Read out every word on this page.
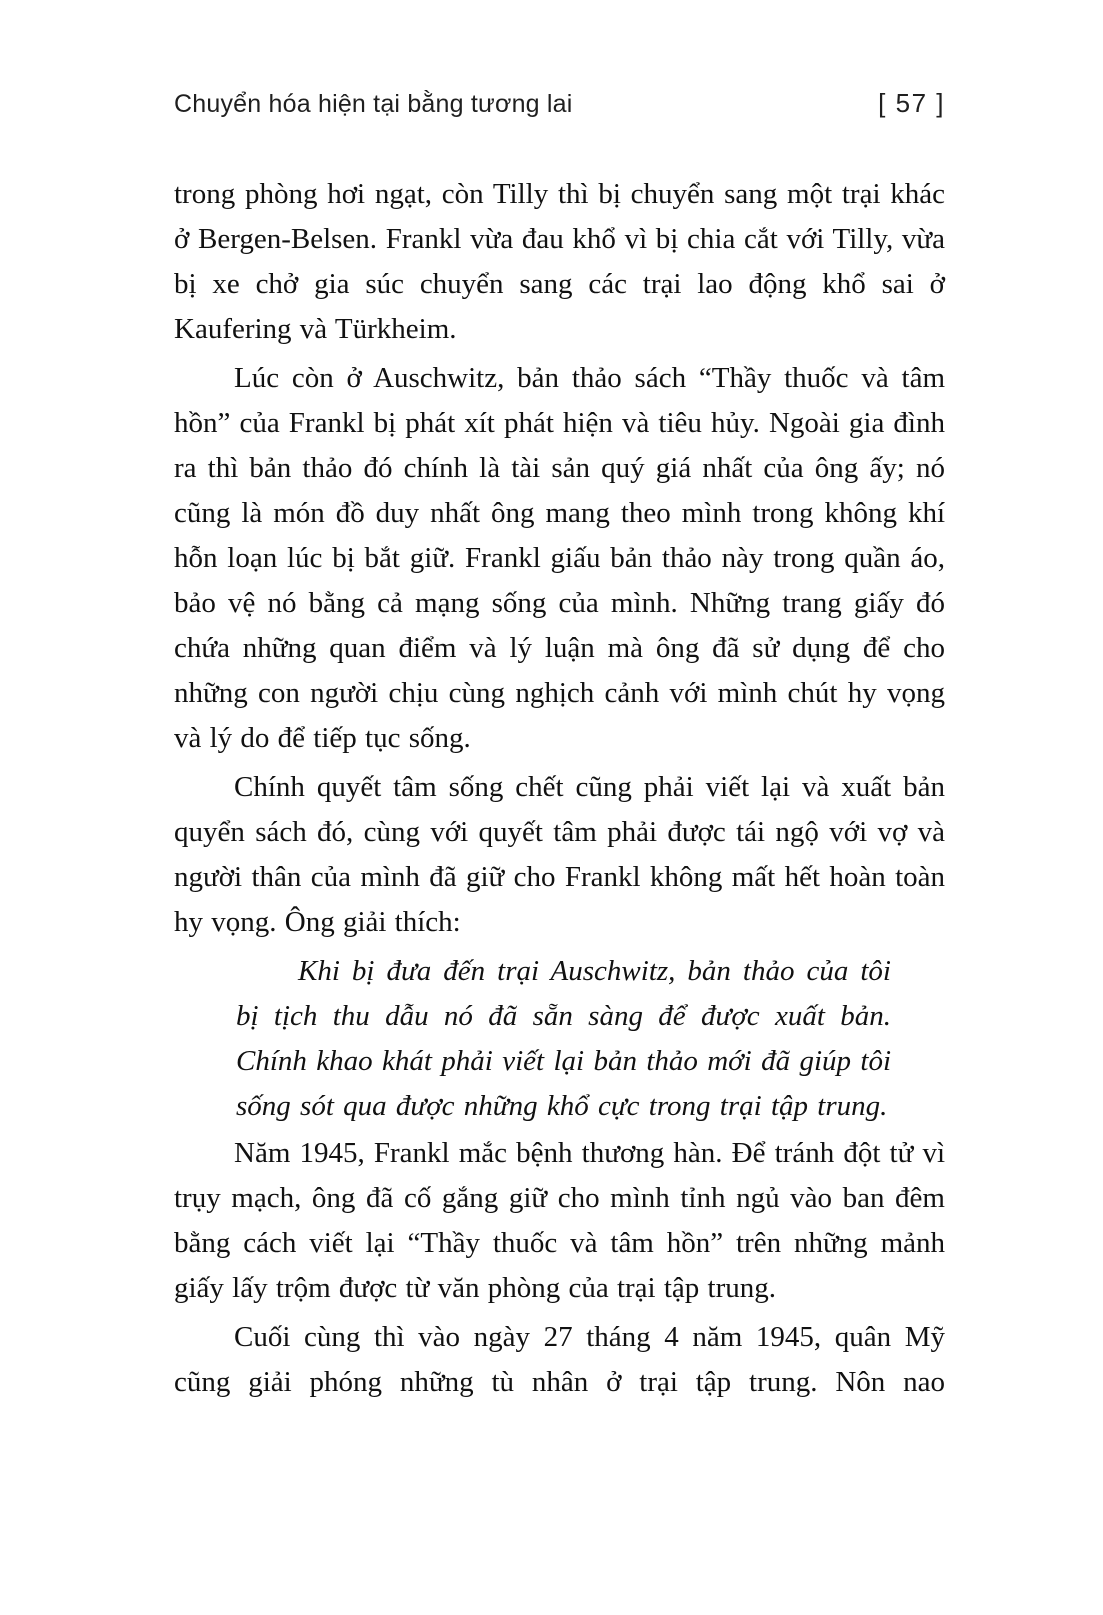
Chuyển hóa hiện tại bằng tương lai	[ 57 ]
trong phòng hơi ngạt, còn Tilly thì bị chuyển sang một trại khác ở Bergen-Belsen. Frankl vừa đau khổ vì bị chia cắt với Tilly, vừa bị xe chở gia súc chuyển sang các trại lao động khổ sai ở Kaufering và Türkheim.
Lúc còn ở Auschwitz, bản thảo sách “Thầy thuốc và tâm hồn” của Frankl bị phát xít phát hiện và tiêu hủy. Ngoài gia đình ra thì bản thảo đó chính là tài sản quý giá nhất của ông ấy; nó cũng là món đồ duy nhất ông mang theo mình trong không khí hỗn loạn lúc bị bắt giữ. Frankl giấu bản thảo này trong quần áo, bảo vệ nó bằng cả mạng sống của mình. Những trang giấy đó chứa những quan điểm và lý luận mà ông đã sử dụng để cho những con người chịu cùng nghịch cảnh với mình chút hy vọng và lý do để tiếp tục sống.
Chính quyết tâm sống chết cũng phải viết lại và xuất bản quyển sách đó, cùng với quyết tâm phải được tái ngộ với vợ và người thân của mình đã giữ cho Frankl không mất hết hoàn toàn hy vọng. Ông giải thích:
Khi bị đưa đến trại Auschwitz, bản thảo của tôi bị tịch thu dẫu nó đã sẵn sàng để được xuất bản. Chính khao khát phải viết lại bản thảo mới đã giúp tôi sống sót qua được những khổ cực trong trại tập trung.
Năm 1945, Frankl mắc bệnh thương hàn. Để tránh đột tử vì trụy mạch, ông đã cố gắng giữ cho mình tỉnh ngủ vào ban đêm bằng cách viết lại “Thầy thuốc và tâm hồn” trên những mảnh giấy lấy trộm được từ văn phòng của trại tập trung.
Cuối cùng thì vào ngày 27 tháng 4 năm 1945, quân Mỹ cũng giải phóng những tù nhân ở trại tập trung. Nôn nao
